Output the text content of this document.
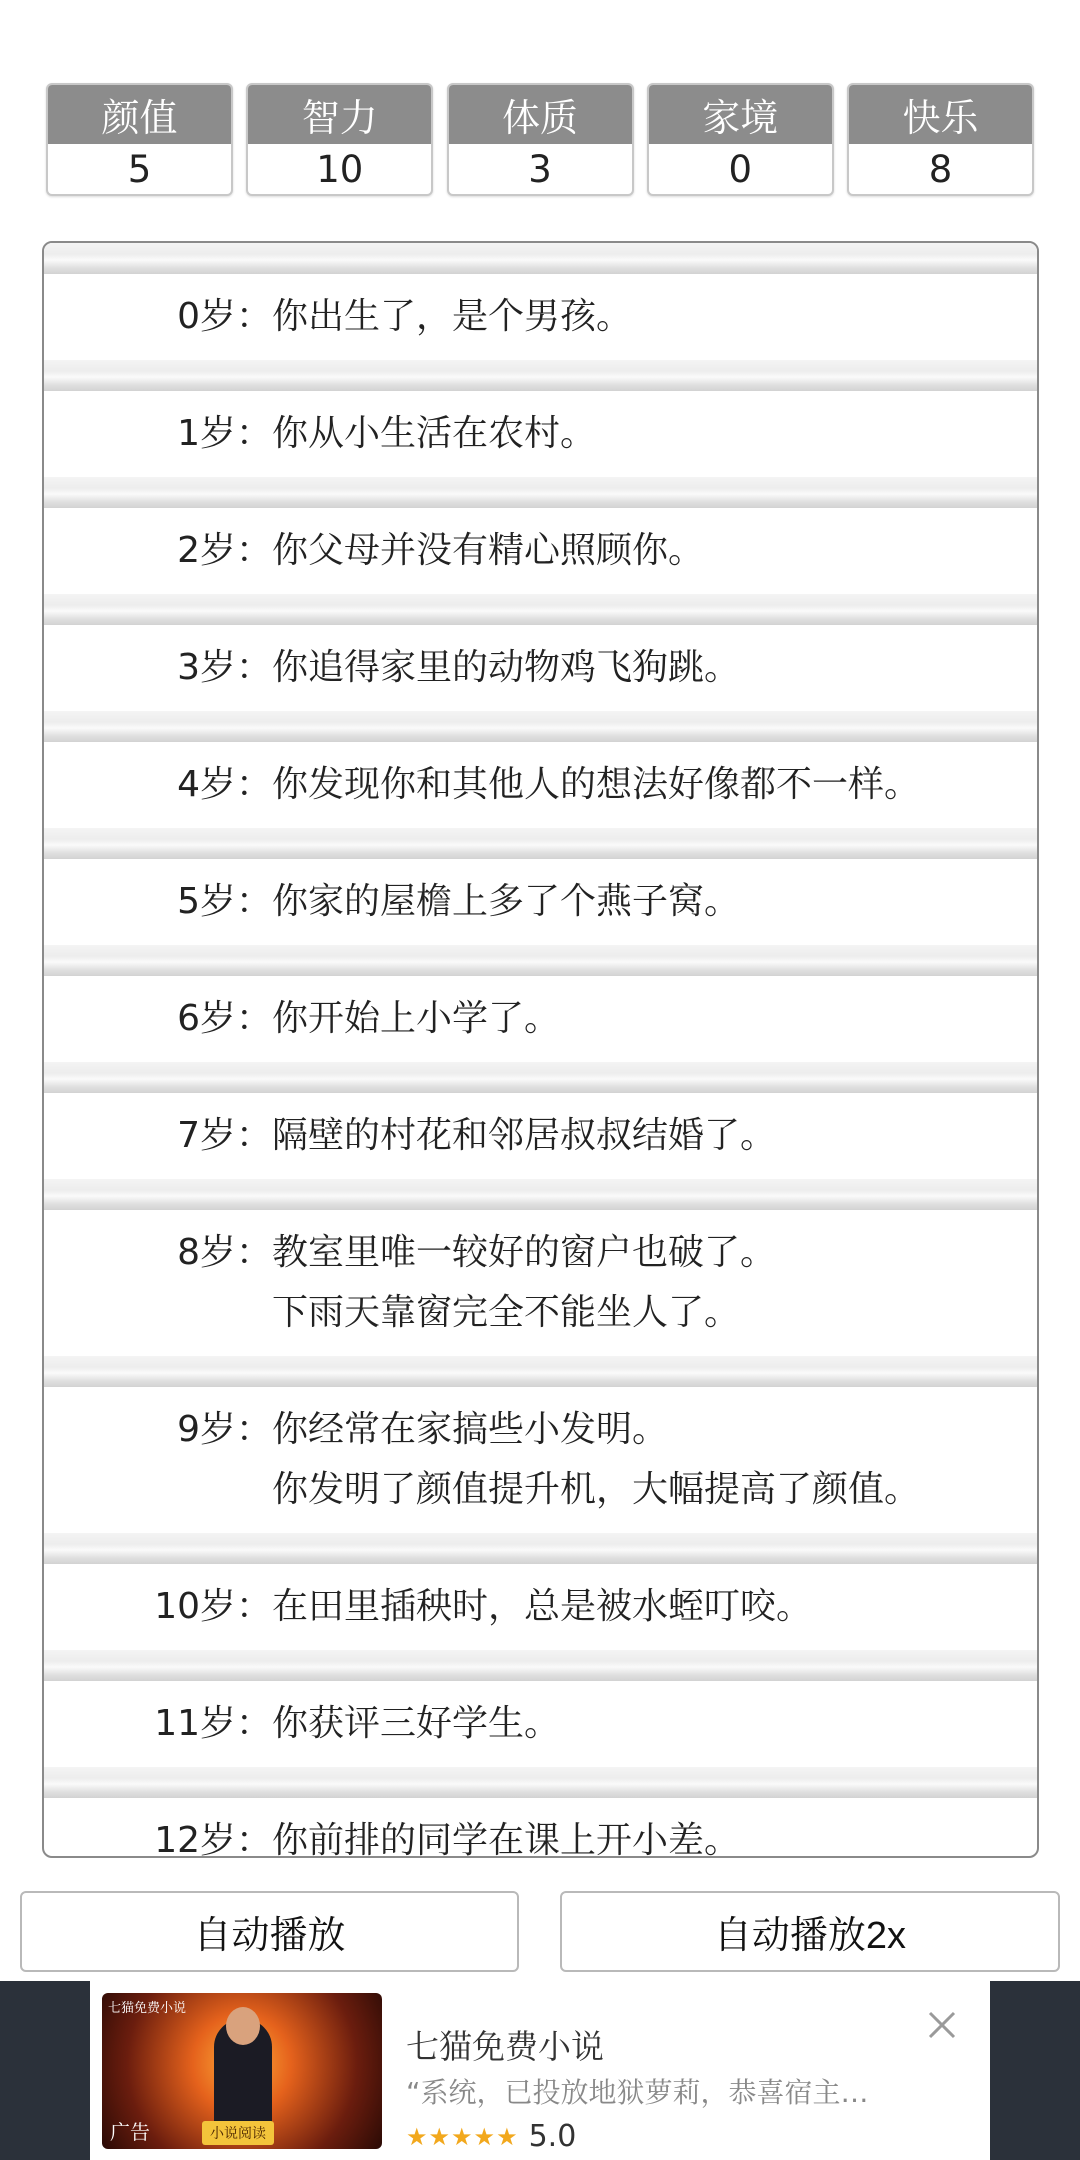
颜值
5
智力
10
体质
3
家境
0
快乐
8
0岁： 你出生了，是个男孩。
1岁： 你从小生活在农村。
2岁： 你父母并没有精心照顾你。
3岁： 你追得家里的动物鸡飞狗跳。
4岁： 你发现你和其他人的想法好像都不一样。
5岁： 你家的屋檐上多了个燕子窝。
6岁： 你开始上小学了。
7岁： 隔壁的村花和邻居叔叔结婚了。
8岁： 教室里唯一较好的窗户也破了。
下雨天靠窗完全不能坐人了。
9岁： 你经常在家搞些小发明。
你发明了颜值提升机，大幅提高了颜值。
10岁： 在田里插秧时，总是被水蛭叮咬。
11岁： 你获评三好学生。
12岁： 你前排的同学在课上开小差。
自动播放	自动播放2x
七猫免费小说
小说阅读
广告
七猫免费小说
“系统，已投放地狱萝莉，恭喜宿主…
★★★★★ 5.0
